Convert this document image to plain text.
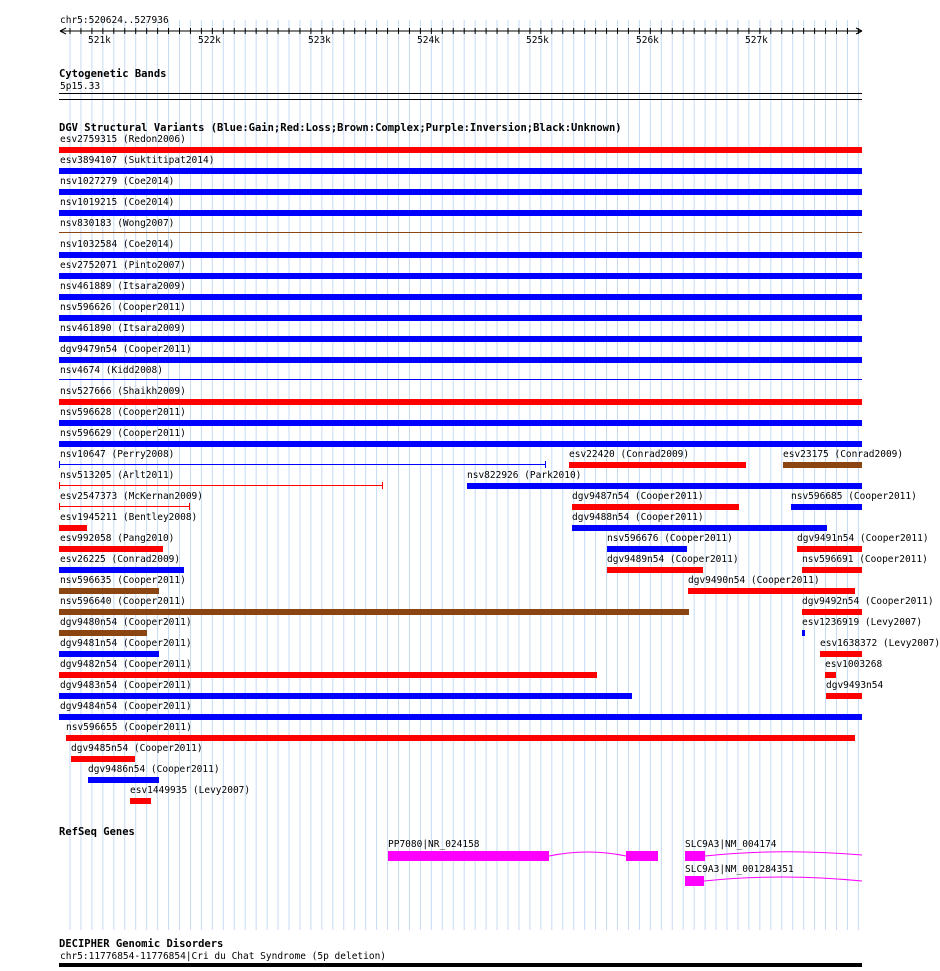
chr5:520624..527936
521k	522k	523k	524k	525k	526k	527k
Cytogenetic Bands
5p15.33
DGV Structural Variants (Blue:Gain;Red:Loss;Brown:Complex;Purple:Inversion;Black:Unknown)
esv2759315 (Redon2006)
esv3894107 (Suktitipat2014)
nsv1027279 (Coe2014)
nsv1019215 (Coe2014)
nsv830183 (Wong2007)
nsv1032584 (Coe2014)
esv2752071 (Pinto2007)
nsv461889 (Itsara2009)
nsv596626 (Cooper2011)
nsv461890 (Itsara2009)
dgv9479n54 (Cooper2011)
nsv4674 (Kidd2008)
nsv527666 (Shaikh2009)
nsv596628 (Cooper2011)
nsv596629 (Cooper2011)
nsv10647 (Perry2008)	esv22420 (Conrad2009)	esv23175 (Conrad2009)
nsv513205 (Arlt2011)	nsv822926 (Park2010)
esv2547373 (McKernan2009)	dgv9487n54 (Cooper2011)	nsv596685 (Cooper2011)
esv1945211 (Bentley2008)	dgv9488n54 (Cooper2011)
esv992058 (Pang2010)	nsv596676 (Cooper2011)	dgv9491n54 (Cooper2011)
esv26225 (Conrad2009)	dgv9489n54 (Cooper2011)	nsv596691 (Cooper2011)
nsv596635 (Cooper2011)	dgv9490n54 (Cooper2011)
nsv596640 (Cooper2011)	dgv9492n54 (Cooper2011)
dgv9480n54 (Cooper2011)	esv1236919 (Levy2007)
dgv9481n54 (Cooper2011)	esv1638372 (Levy2007)
dgv9482n54 (Cooper2011)	esv1003268
dgv9483n54 (Cooper2011)	dgv9493n54
dgv9484n54 (Cooper2011)
nsv596655 (Cooper2011)
dgv9485n54 (Cooper2011)
dgv9486n54 (Cooper2011)
esv1449935 (Levy2007)
RefSeq Genes
PP7080|NR_024158	SLC9A3|NM_004174
SLC9A3|NM_001284351
DECIPHER Genomic Disorders
chr5:11776854-11776854|Cri du Chat Syndrome (5p deletion)
